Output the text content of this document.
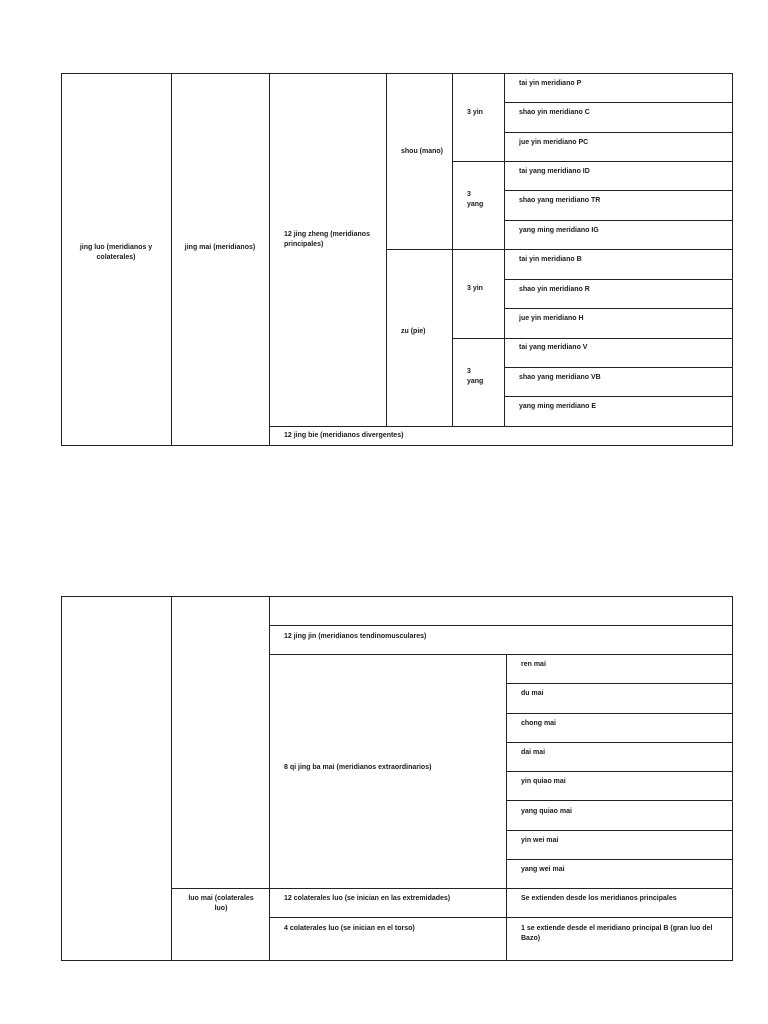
jing luo (meridianos y colaterales)
jing mai (meridianos)
12 jing zheng (meridianos principales)
shou (mano)
zu (pie)
3 yin
3 yang
3 yin
3 yang
tai yin meridiano P
shao yin meridiano C
jue yin meridiano PC
tai yang meridiano ID
shao yang meridiano TR
yang ming meridiano IG
tai yin meridiano B
shao yin meridiano R
jue yin meridiano H
tai yang meridiano V
shao yang meridiano VB
yang ming meridiano E
12 jing bie (meridianos divergentes)
12 jing jin (meridianos tendinomusculares)
8 qi jing ba mai (meridianos extraordinarios)
ren mai
du mai
chong mai
dai mai
yin quiao mai
yang quiao mai
yin wei mai
yang wei mai
luo mai (colaterales luo)
12 colaterales luo (se inician en las extremidades)	Se extienden desde los meridianos principales
4 colaterales luo (se inician en el torso)	1 se extiende desde el meridiano principal B (gran luo del Bazo)
